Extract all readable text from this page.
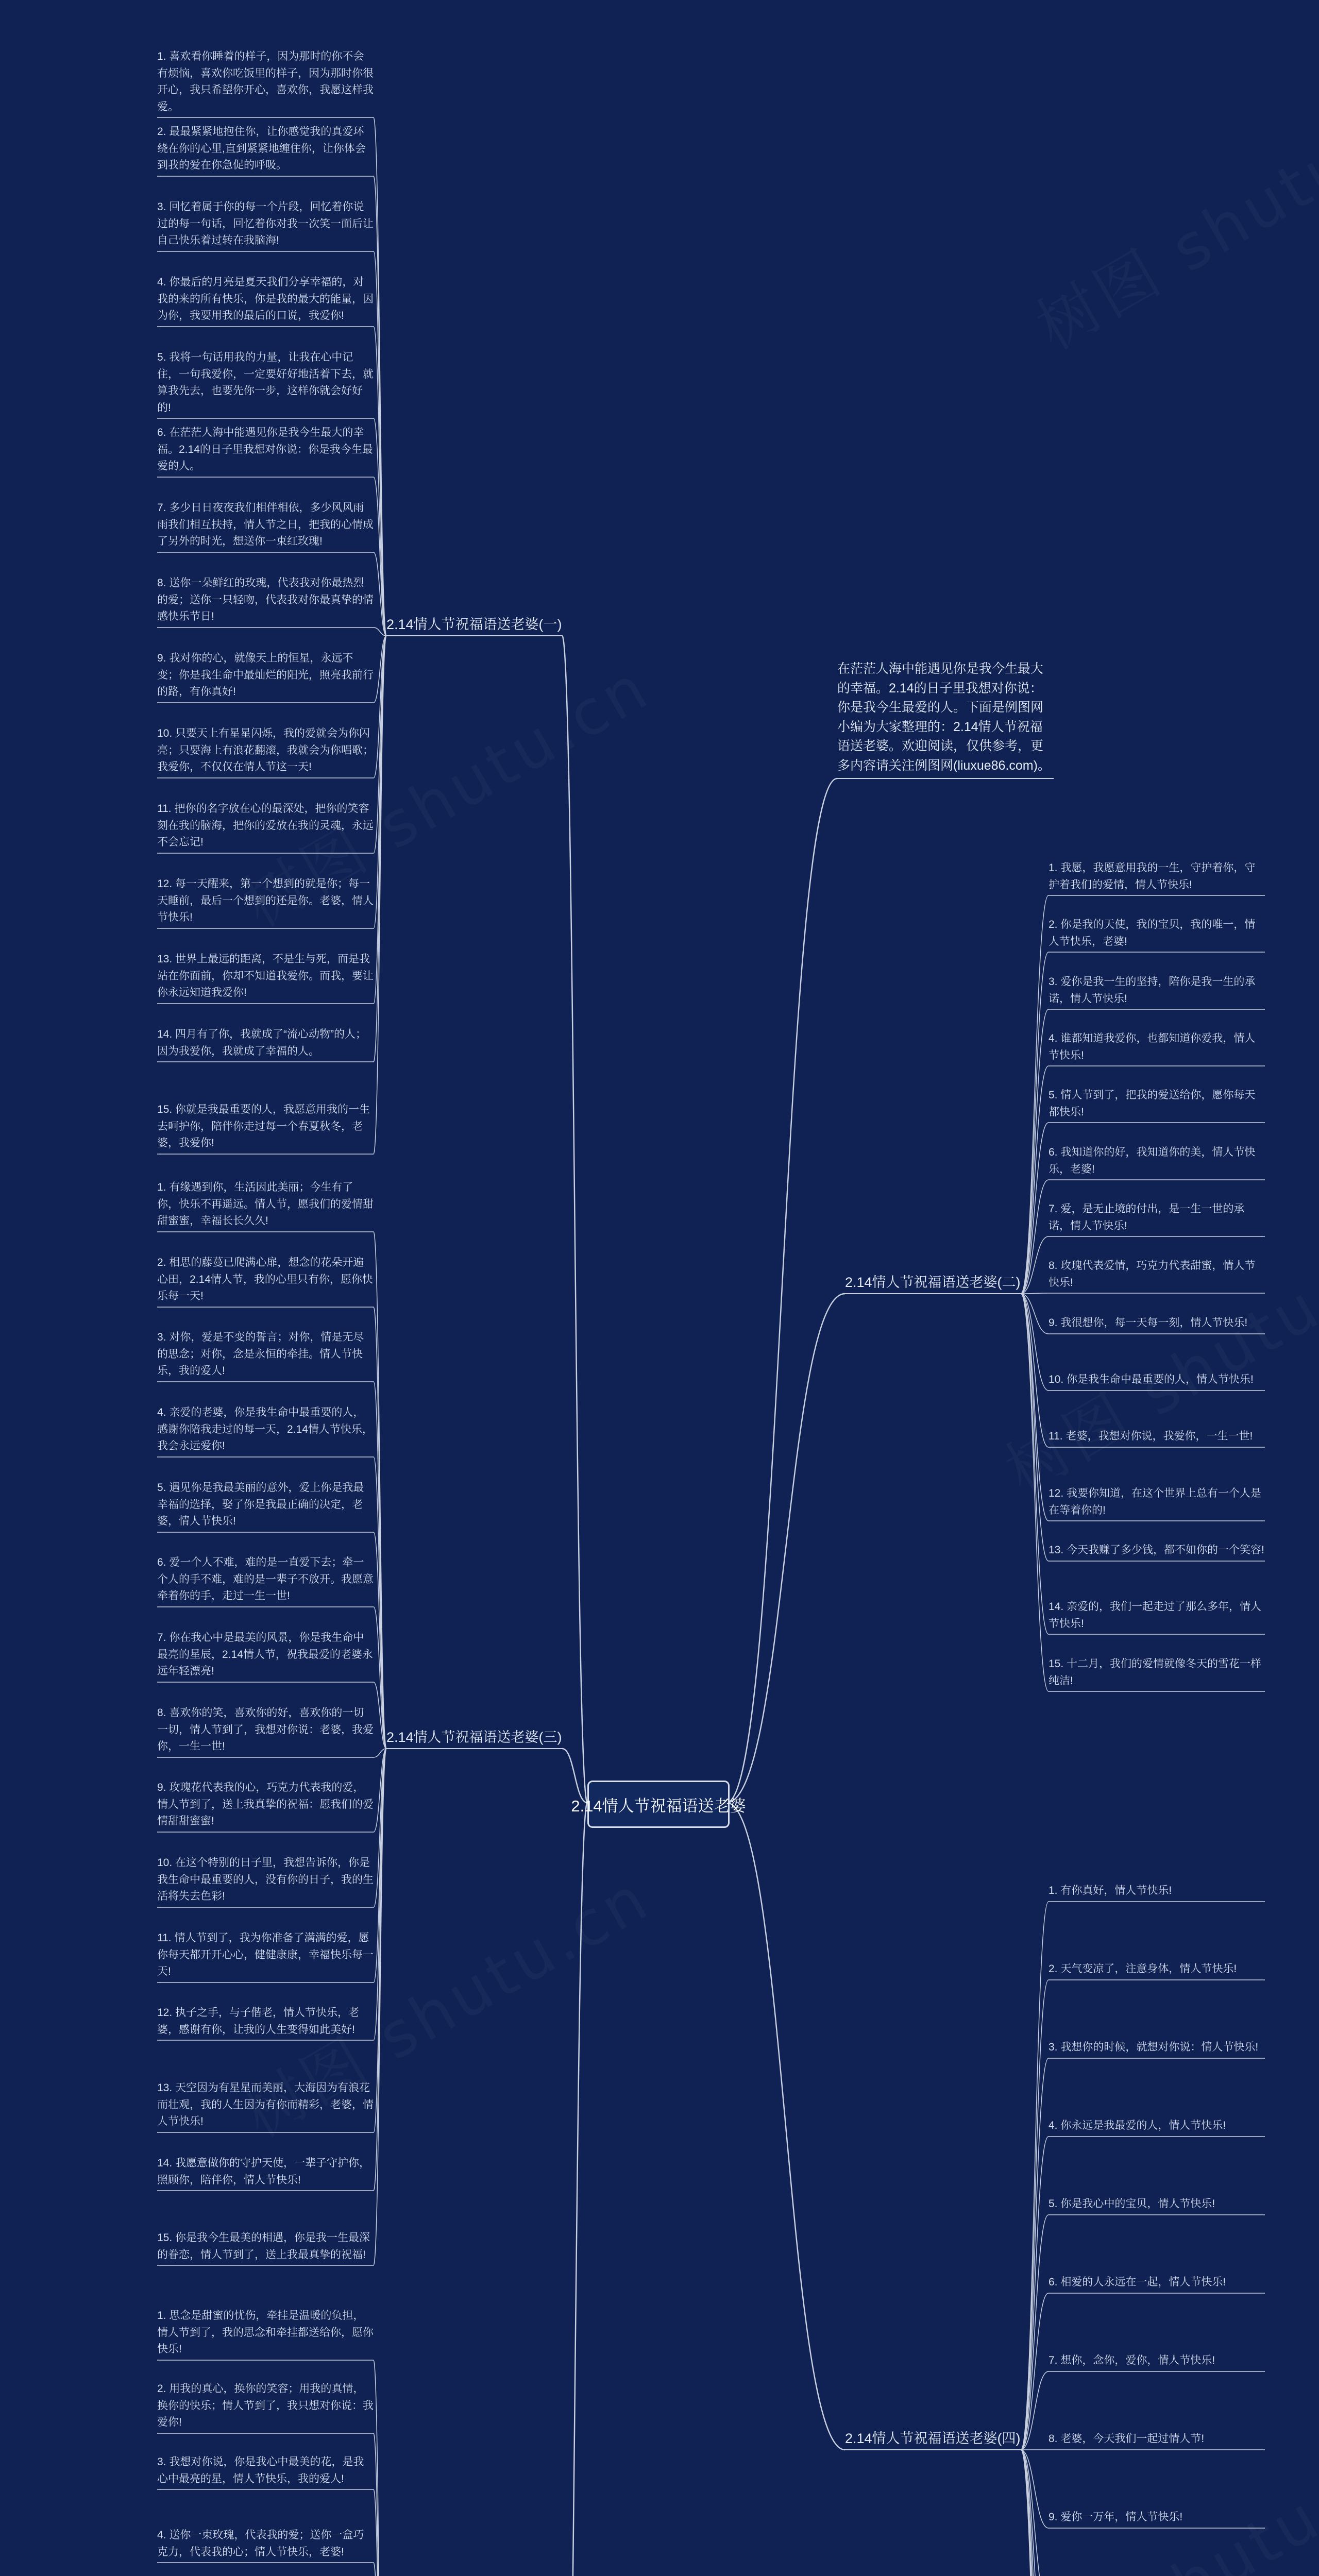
2.14情人节祝福语送老婆
1. 喜欢看你睡着的样子，因为那时的你不会有烦恼，喜欢你吃饭里的样子，因为那时你很开心，我只希望你开心，喜欢你，我愿这样我爱。
2. 最最紧紧地抱住你，让你感觉我的真爱环绕在你的心里,直到紧紧地缠住你，让你体会到我的爱在你急促的呼吸。
3. 回忆着属于你的每一个片段，回忆着你说过的每一句话，回忆着你对我一次笑一面后让自己快乐着过转在我脑海!
4. 你最后的月亮是夏天我们分享幸福的，对我的来的所有快乐，你是我的最大的能量，因为你，我要用我的最后的口说，我爱你!
5. 我将一句话用我的力量，让我在心中记住，一句我爱你，一定要好好地活着下去，就算我先去，也要先你一步，这样你就会好好的!
6. 在茫茫人海中能遇见你是我今生最大的幸福。2.14的日子里我想对你说：你是我今生最爱的人。
7. 多少日日夜夜我们相伴相依，多少风风雨雨我们相互扶持，情人节之日，把我的心情成了另外的时光，想送你一束红玫瑰!
8. 送你一朵鲜红的玫瑰，代表我对你最热烈的爱；送你一只轻吻，代表我对你最真挚的情感快乐节日!
9. 我对你的心，就像天上的恒星，永远不变；你是我生命中最灿烂的阳光，照亮我前行的路，有你真好!
10. 只要天上有星星闪烁，我的爱就会为你闪亮；只要海上有浪花翻滚，我就会为你唱歌；我爱你，不仅仅在情人节这一天!
11. 把你的名字放在心的最深处，把你的笑容刻在我的脑海，把你的爱放在我的灵魂，永远不会忘记!
12. 每一天醒来，第一个想到的就是你；每一天睡前，最后一个想到的还是你。老婆，情人节快乐!
13. 世界上最远的距离，不是生与死，而是我站在你面前，你却不知道我爱你。而我，要让你永远知道我爱你!
14. 四月有了你，我就成了“流心动物”的人；因为我爱你，我就成了幸福的人。
15. 你就是我最重要的人，我愿意用我的一生去呵护你，陪伴你走过每一个春夏秋冬，老婆，我爱你!
2.14情人节祝福语送老婆(一)
1. 有缘遇到你，生活因此美丽；今生有了你，快乐不再遥远。情人节，愿我们的爱情甜甜蜜蜜，幸福长长久久!
2. 相思的藤蔓已爬满心扉，想念的花朵开遍心田，2.14情人节，我的心里只有你，愿你快乐每一天!
3. 对你，爱是不变的誓言；对你，情是无尽的思念；对你，念是永恒的牵挂。情人节快乐，我的爱人!
4. 亲爱的老婆，你是我生命中最重要的人，感谢你陪我走过的每一天，2.14情人节快乐，我会永远爱你!
5. 遇见你是我最美丽的意外，爱上你是我最幸福的选择，娶了你是我最正确的决定，老婆，情人节快乐!
6. 爱一个人不难，难的是一直爱下去；牵一个人的手不难，难的是一辈子不放开。我愿意牵着你的手，走过一生一世!
7. 你在我心中是最美的风景，你是我生命中最亮的星辰，2.14情人节，祝我最爱的老婆永远年轻漂亮!
8. 喜欢你的笑，喜欢你的好，喜欢你的一切一切，情人节到了，我想对你说：老婆，我爱你，一生一世!
9. 玫瑰花代表我的心，巧克力代表我的爱，情人节到了，送上我真挚的祝福：愿我们的爱情甜甜蜜蜜!
10. 在这个特别的日子里，我想告诉你，你是我生命中最重要的人，没有你的日子，我的生活将失去色彩!
11. 情人节到了，我为你准备了满满的爱，愿你每天都开开心心，健健康康，幸福快乐每一天!
12. 执子之手，与子偕老，情人节快乐，老婆，感谢有你，让我的人生变得如此美好!
13. 天空因为有星星而美丽，大海因为有浪花而壮观，我的人生因为有你而精彩，老婆，情人节快乐!
14. 我愿意做你的守护天使，一辈子守护你，照顾你，陪伴你，情人节快乐!
15. 你是我今生最美的相遇，你是我一生最深的眷恋，情人节到了，送上我最真挚的祝福!
2.14情人节祝福语送老婆(三)
1. 思念是甜蜜的忧伤，牵挂是温暖的负担，情人节到了，我的思念和牵挂都送给你，愿你快乐!
2. 用我的真心，换你的笑容；用我的真情，换你的快乐；情人节到了，我只想对你说：我爱你!
3. 我想对你说，你是我心中最美的花，是我心中最亮的星，情人节快乐，我的爱人!
4. 送你一束玫瑰，代表我的爱；送你一盒巧克力，代表我的心；情人节快乐，老婆!
1. 我愿，我愿意用我的一生，守护着你，守护着我们的爱情，情人节快乐!
2. 你是我的天使，我的宝贝，我的唯一，情人节快乐，老婆!
3. 爱你是我一生的坚持，陪你是我一生的承诺，情人节快乐!
4. 谁都知道我爱你，也都知道你爱我，情人节快乐!
5. 情人节到了，把我的爱送给你，愿你每天都快乐!
6. 我知道你的好，我知道你的美，情人节快乐，老婆!
7. 爱，是无止境的付出，是一生一世的承诺，情人节快乐!
8. 玫瑰代表爱情，巧克力代表甜蜜，情人节快乐!
9. 我很想你，每一天每一刻，情人节快乐!
10. 你是我生命中最重要的人，情人节快乐!
11. 老婆，我想对你说，我爱你，一生一世!
12. 我要你知道，在这个世界上总有一个人是在等着你的!
13. 今天我赚了多少钱，都不如你的一个笑容!
14. 亲爱的，我们一起走过了那么多年，情人节快乐!
15. 十二月，我们的爱情就像冬天的雪花一样纯洁!
2.14情人节祝福语送老婆(二)
1. 有你真好，情人节快乐!
2. 天气变凉了，注意身体，情人节快乐!
3. 我想你的时候，就想对你说：情人节快乐!
4. 你永远是我最爱的人，情人节快乐!
5. 你是我心中的宝贝，情人节快乐!
6. 相爱的人永远在一起，情人节快乐!
7. 想你，念你，爱你，情人节快乐!
8. 老婆，今天我们一起过情人节!
9. 爱你一万年，情人节快乐!
2.14情人节祝福语送老婆(四)
在茫茫人海中能遇见你是我今生最大的幸福。2.14的日子里我想对你说：你是我今生最爱的人。下面是例图网小编为大家整理的：2.14情人节祝福语送老婆。欢迎阅读，仅供参考，更多内容请关注例图网(liuxue86.com)。
